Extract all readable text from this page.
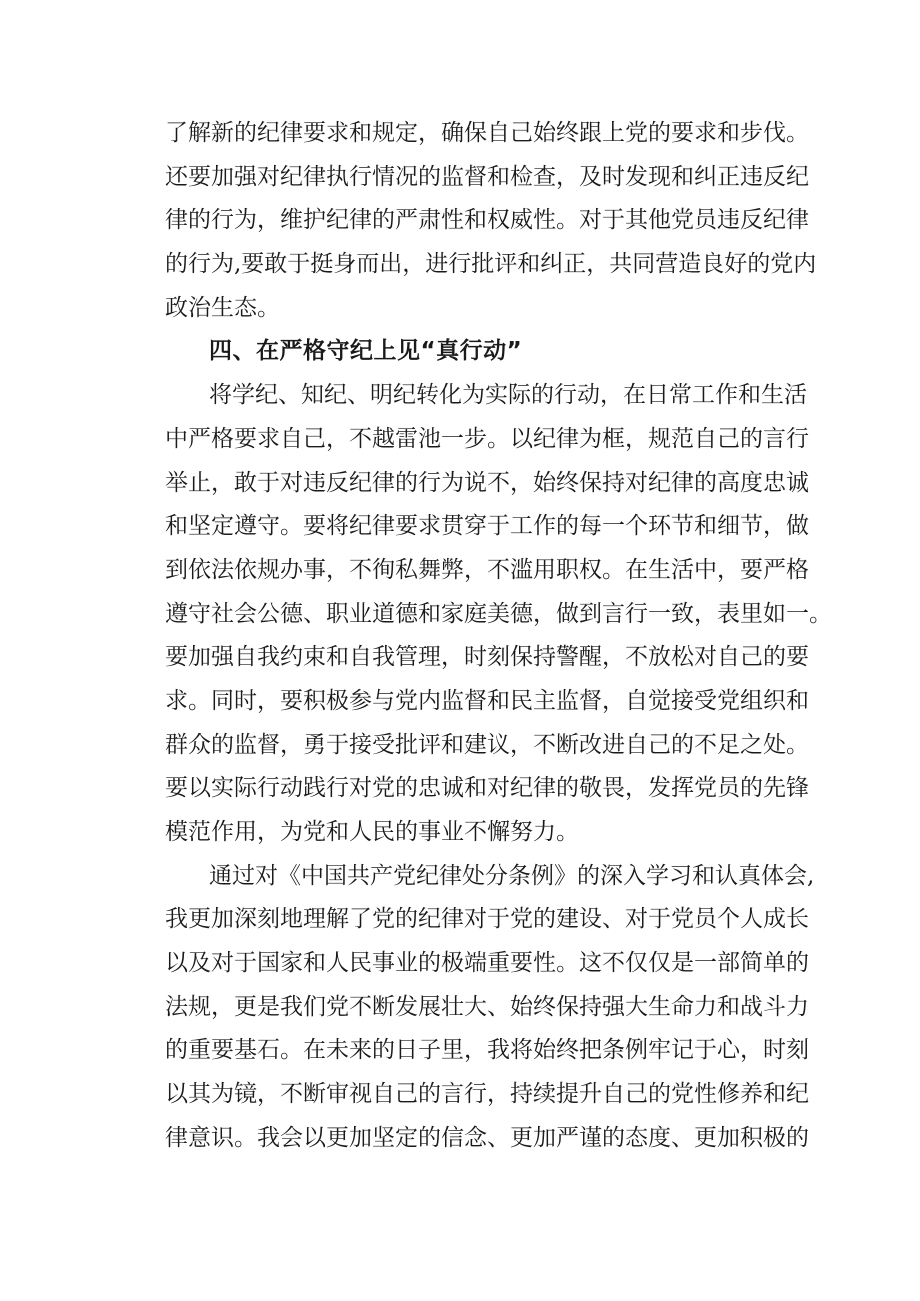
了解新的纪律要求和规定，确保自己始终跟上党的要求和步伐。
还要加强对纪律执行情况的监督和检查，及时发现和纠正违反纪
律的行为，维护纪律的严肃性和权威性。对于其他党员违反纪律
的行为,要敢于挺身而出，进行批评和纠正，共同营造良好的党内
政治生态。
四、在严格守纪上见“真行动”
将学纪、知纪、明纪转化为实际的行动，在日常工作和生活
中严格要求自己，不越雷池一步。以纪律为框，规范自己的言行
举止，敢于对违反纪律的行为说不，始终保持对纪律的高度忠诚
和坚定遵守。要将纪律要求贯穿于工作的每一个环节和细节，做
到依法依规办事，不徇私舞弊，不滥用职权。在生活中，要严格
遵守社会公德、职业道德和家庭美德，做到言行一致，表里如一。
要加强自我约束和自我管理，时刻保持警醒，不放松对自己的要
求。同时，要积极参与党内监督和民主监督，自觉接受党组织和
群众的监督，勇于接受批评和建议，不断改进自己的不足之处。
要以实际行动践行对党的忠诚和对纪律的敬畏，发挥党员的先锋
模范作用，为党和人民的事业不懈努力。
通过对《中国共产党纪律处分条例》的深入学习和认真体会,
我更加深刻地理解了党的纪律对于党的建设、对于党员个人成长
以及对于国家和人民事业的极端重要性。这不仅仅是一部简单的
法规，更是我们党不断发展壮大、始终保持强大生命力和战斗力
的重要基石。在未来的日子里，我将始终把条例牢记于心，时刻
以其为镜，不断审视自己的言行，持续提升自己的党性修养和纪
律意识。我会以更加坚定的信念、更加严谨的态度、更加积极的
